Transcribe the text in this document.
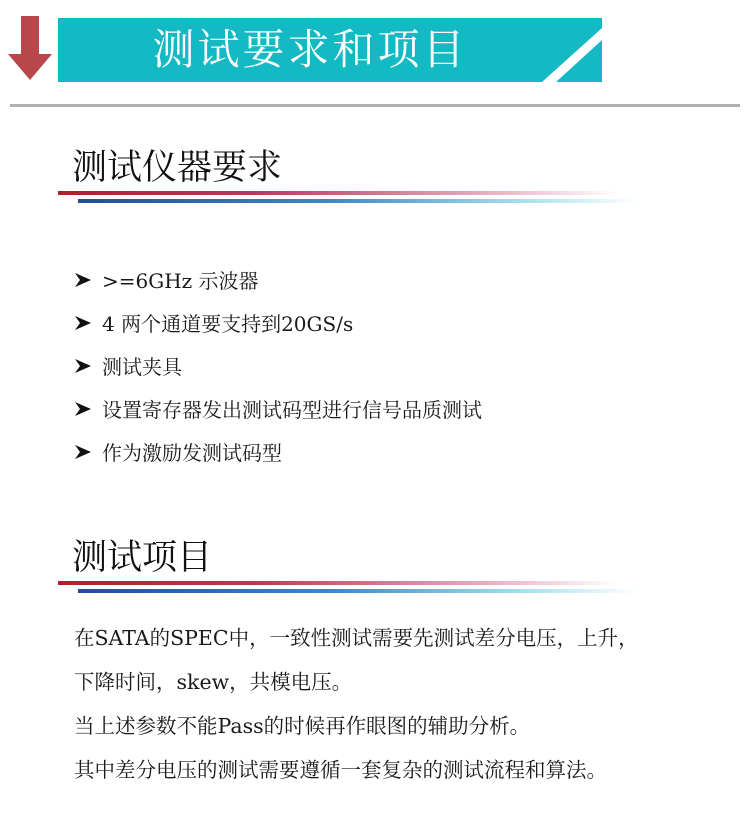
测试要求和项目
测试仪器要求
>=6GHz 示波器
4 两个通道要支持到20GS/s
测试夹具
设置寄存器发出测试码型进行信号品质测试
作为激励发测试码型
测试项目
在SATA的SPEC中，一致性测试需要先测试差分电压，上升，
下降时间，skew，共模电压。
当上述参数不能Pass的时候再作眼图的辅助分析。
其中差分电压的测试需要遵循一套复杂的测试流程和算法。
